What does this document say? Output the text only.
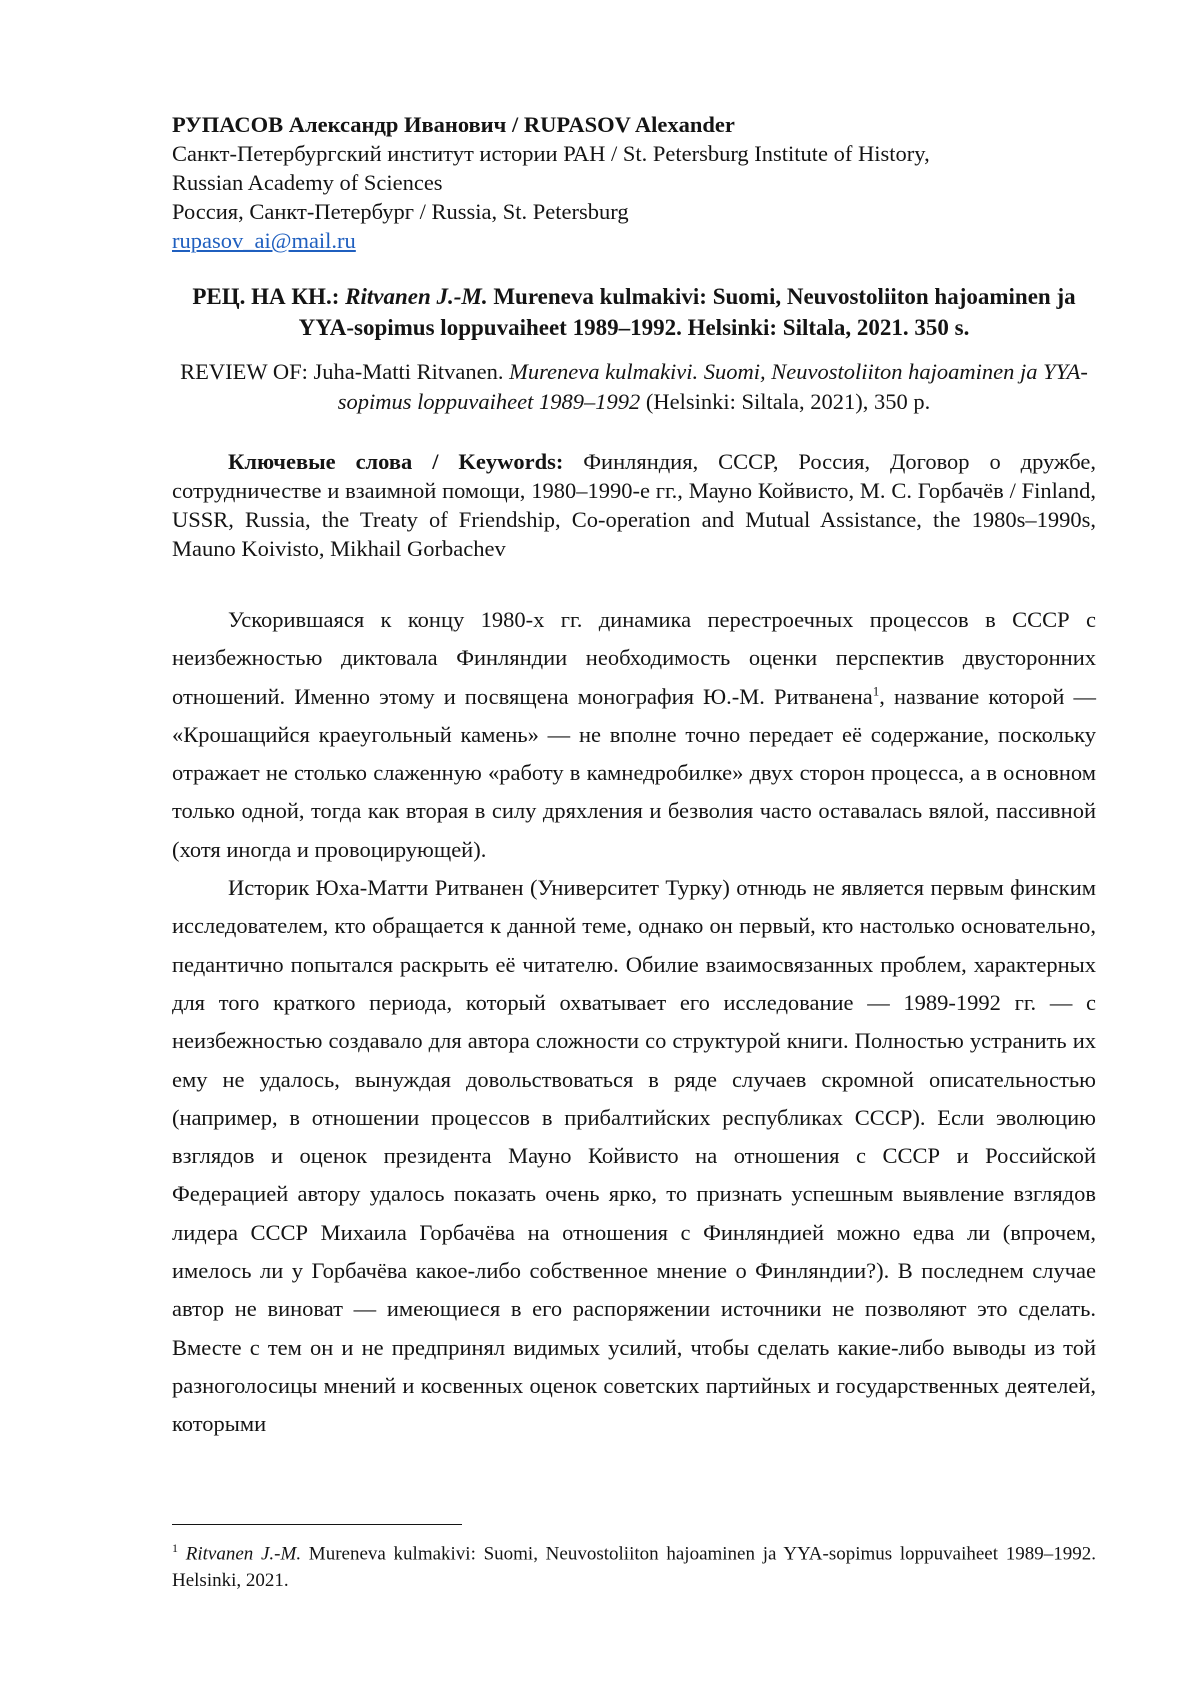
РУПАСОВ Александр Иванович / RUPASOV Alexander
Санкт-Петербургский институт истории РАН / St. Petersburg Institute of History,
Russian Academy of Sciences
Россия, Санкт-Петербург / Russia, St. Petersburg
rupasov_ai@mail.ru
РЕЦ. НА КН.: Ritvanen J.-M. Mureneva kulmakivi: Suomi, Neuvostoliiton hajoaminen ja YYA-sopimus loppuvaiheet 1989–1992. Helsinki: Siltala, 2021. 350 s.
REVIEW OF: Juha-Matti Ritvanen. Mureneva kulmakivi. Suomi, Neuvostoliiton hajoaminen ja YYA-sopimus loppuvaiheet 1989–1992 (Helsinki: Siltala, 2021), 350 p.
Ключевые слова / Keywords: Финляндия, СССР, Россия, Договор о дружбе, сотрудничестве и взаимной помощи, 1980–1990-е гг., Мауно Койвисто, М. С. Горбачёв / Finland, USSR, Russia, the Treaty of Friendship, Co-operation and Mutual Assistance, the 1980s–1990s, Mauno Koivisto, Mikhail Gorbachev

Ускорившаяся к концу 1980-х гг. динамика перестроечных процессов в СССР с неизбежностью диктовала Финляндии необходимость оценки перспектив двусторонних отношений. Именно этому и посвящена монография Ю.-М. Ритванена1, название которой — «Крошащийся краеугольный камень» — не вполне точно передает её содержание, поскольку отражает не столько слаженную «работу в камнедробилке» двух сторон процесса, а в основном только одной, тогда как вторая в силу дряхления и безволия часто оставалась вялой, пассивной (хотя иногда и провоцирующей).

Историк Юха-Матти Ритванен (Университет Турку) отнюдь не является первым финским исследователем, кто обращается к данной теме, однако он первый, кто настолько основательно, педантично попытался раскрыть её читателю. Обилие взаимосвязанных проблем, характерных для того краткого периода, который охватывает его исследование — 1989-1992 гг. — с неизбежностью создавало для автора сложности со структурой книги. Полностью устранить их ему не удалось, вынуждая довольствоваться в ряде случаев скромной описательностью (например, в отношении процессов в прибалтийских республиках СССР). Если эволюцию взглядов и оценок президента Мауно Койвисто на отношения с СССР и Российской Федерацией автору удалось показать очень ярко, то признать успешным выявление взглядов лидера СССР Михаила Горбачёва на отношения с Финляндией можно едва ли (впрочем, имелось ли у Горбачёва какое-либо собственное мнение о Финляндии?). В последнем случае автор не виноват — имеющиеся в его распоряжении источники не позволяют это сделать. Вместе с тем он и не предпринял видимых усилий, чтобы сделать какие-либо выводы из той разноголосицы мнений и косвенных оценок советских партийных и государственных деятелей, которыми

1 Ritvanen J.-M. Mureneva kulmakivi: Suomi, Neuvostoliiton hajoaminen ja YYA-sopimus loppuvaiheet 1989–1992. Helsinki, 2021.
